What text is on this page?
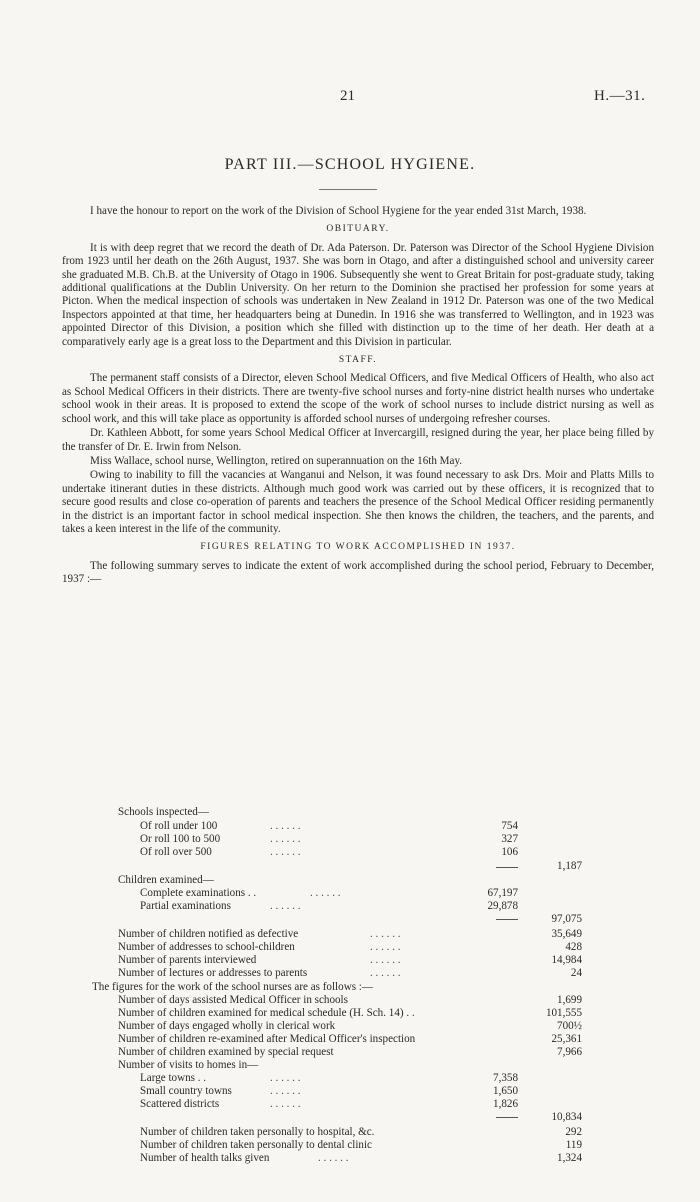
21	H.—31.
PART III.—SCHOOL HYGIENE.

I have the honour to report on the work of the Division of School Hygiene for the year ended 31st March, 1938.

OBITUARY.

It is with deep regret that we record the death of Dr. Ada Paterson. Dr. Paterson was Director of the School Hygiene Division from 1923 until her death on the 26th August, 1937. She was born in Otago, and after a distinguished school and university career she graduated M.B. Ch.B. at the University of Otago in 1906. Subsequently she went to Great Britain for post-graduate study, taking additional qualifications at the Dublin University. On her return to the Dominion she practised her profession for some years at Picton. When the medical inspection of schools was undertaken in New Zealand in 1912 Dr. Paterson was one of the two Medical Inspectors appointed at that time, her headquarters being at Dunedin. In 1916 she was transferred to Wellington, and in 1923 was appointed Director of this Division, a position which she filled with distinction up to the time of her death. Her death at a comparatively early age is a great loss to the Department and this Division in particular.

STAFF.

The permanent staff consists of a Director, eleven School Medical Officers, and five Medical Officers of Health, who also act as School Medical Officers in their districts. There are twenty-five school nurses and forty-nine district health nurses who undertake school wook in their areas. It is proposed to extend the scope of the work of school nurses to include district nursing as well as school work, and this will take place as opportunity is afforded school nurses of undergoing refresher courses.

Dr. Kathleen Abbott, for some years School Medical Officer at Invercargill, resigned during the year, her place being filled by the transfer of Dr. E. Irwin from Nelson.

Miss Wallace, school nurse, Wellington, retired on superannuation on the 16th May.

Owing to inability to fill the vacancies at Wanganui and Nelson, it was found necessary to ask Drs. Moir and Platts Mills to undertake itinerant duties in these districts. Although much good work was carried out by these officers, it is recognized that to secure good results and close co-operation of parents and teachers the presence of the School Medical Officer residing permanently in the district is an important factor in school medical inspection. She then knows the children, the teachers, and the parents, and takes a keen interest in the life of the community.

FIGURES RELATING TO WORK ACCOMPLISHED IN 1937.

The following summary serves to indicate the extent of work accomplished during the school period, February to December, 1937 :—

Schools inspected—
Of roll under 100	. . . . . .	754
Or roll 100 to 500	. . . . . .	327
Of roll over 500	. . . . . .	106
1,187
Children examined—
Complete examinations . .	. . . . . .	67,197
Partial examinations	. . . . . .	29,878
97,075
Number of children notified as defective	. . . . . .	35,649
Number of addresses to school-children	. . . . . .	428
Number of parents interviewed	. . . . . .	14,984
Number of lectures or addresses to parents	. . . . . .	24
The figures for the work of the school nurses are as follows :—
Number of days assisted Medical Officer in schools	1,699
Number of children examined for medical schedule (H. Sch. 14) . .	101,555
Number of days engaged wholly in clerical work	700½
Number of children re-examined after Medical Officer's inspection	25,361
Number of children examined by special request	7,966
Number of visits to homes in—
Large towns . .	. . . . . .	7,358
Small country towns	. . . . . .	1,650
Scattered districts	. . . . . .	1,826
10,834
Number of children taken personally to hospital, &c.	292
Number of children taken personally to dental clinic	119
Number of health talks given	. . . . . .	1,324
